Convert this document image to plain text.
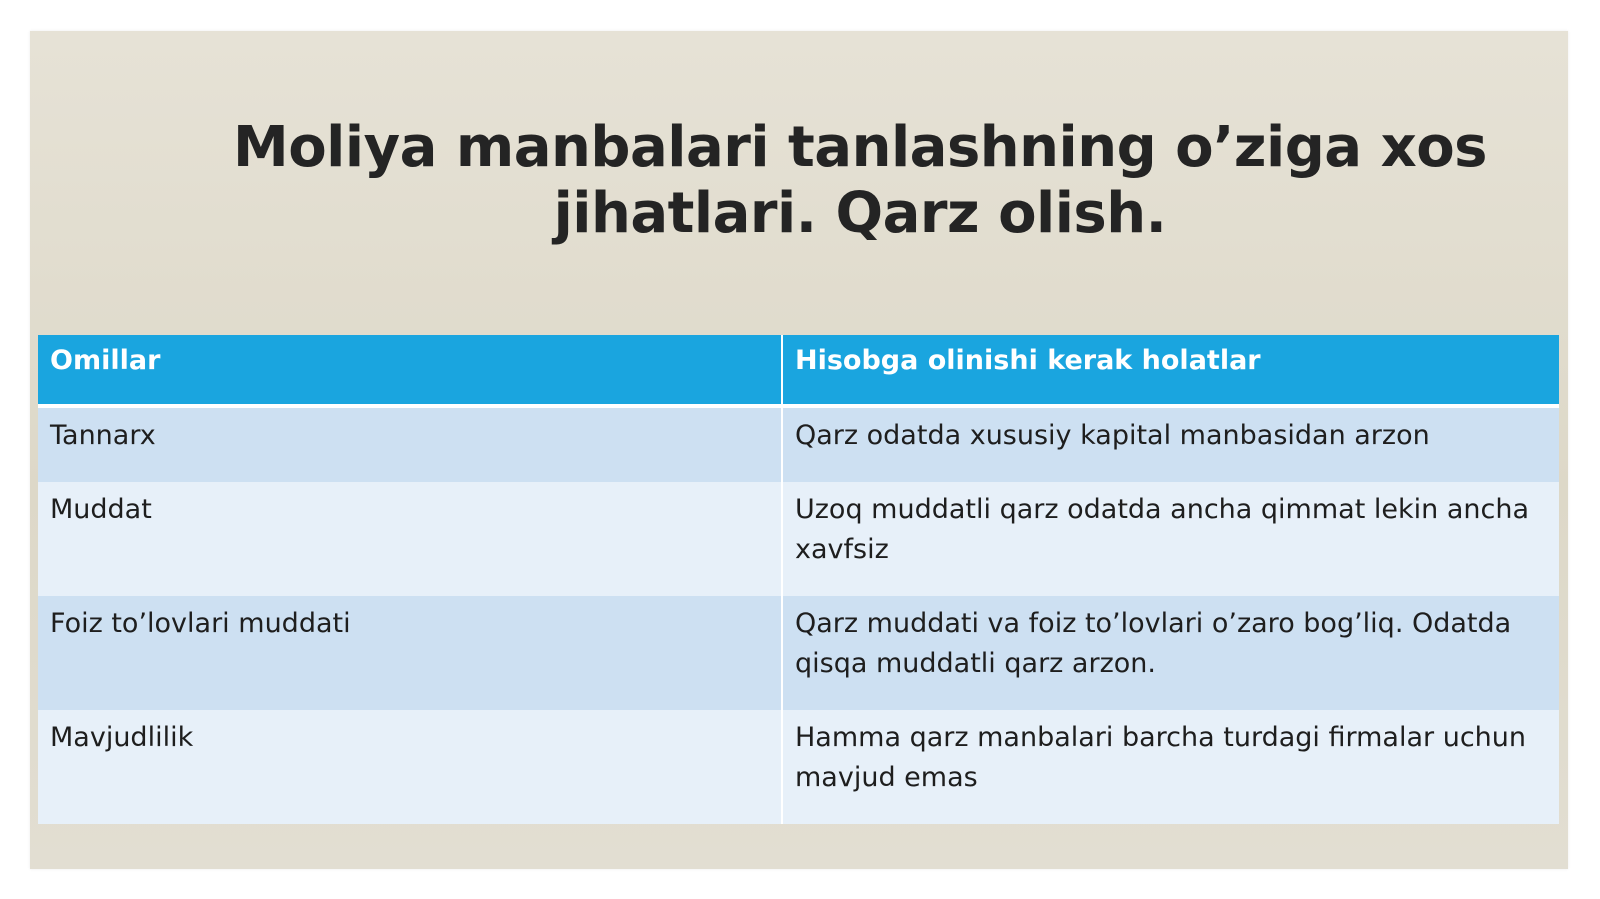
Moliya manbalari tanlashning o’ziga xos jihatlari. Qarz olish.
Omillar	Hisobga olinishi kerak holatlar
Tannarx	Qarz odatda xususiy kapital manbasidan arzon
Muddat	Uzoq muddatli qarz odatda ancha qimmat lekin ancha xavfsiz
Foiz to’lovlari muddati	Qarz muddati va foiz to’lovlari o’zaro bog’liq. Odatda qisqa muddatli qarz arzon.
Mavjudlilik	Hamma qarz manbalari barcha turdagi firmalar uchun mavjud emas
